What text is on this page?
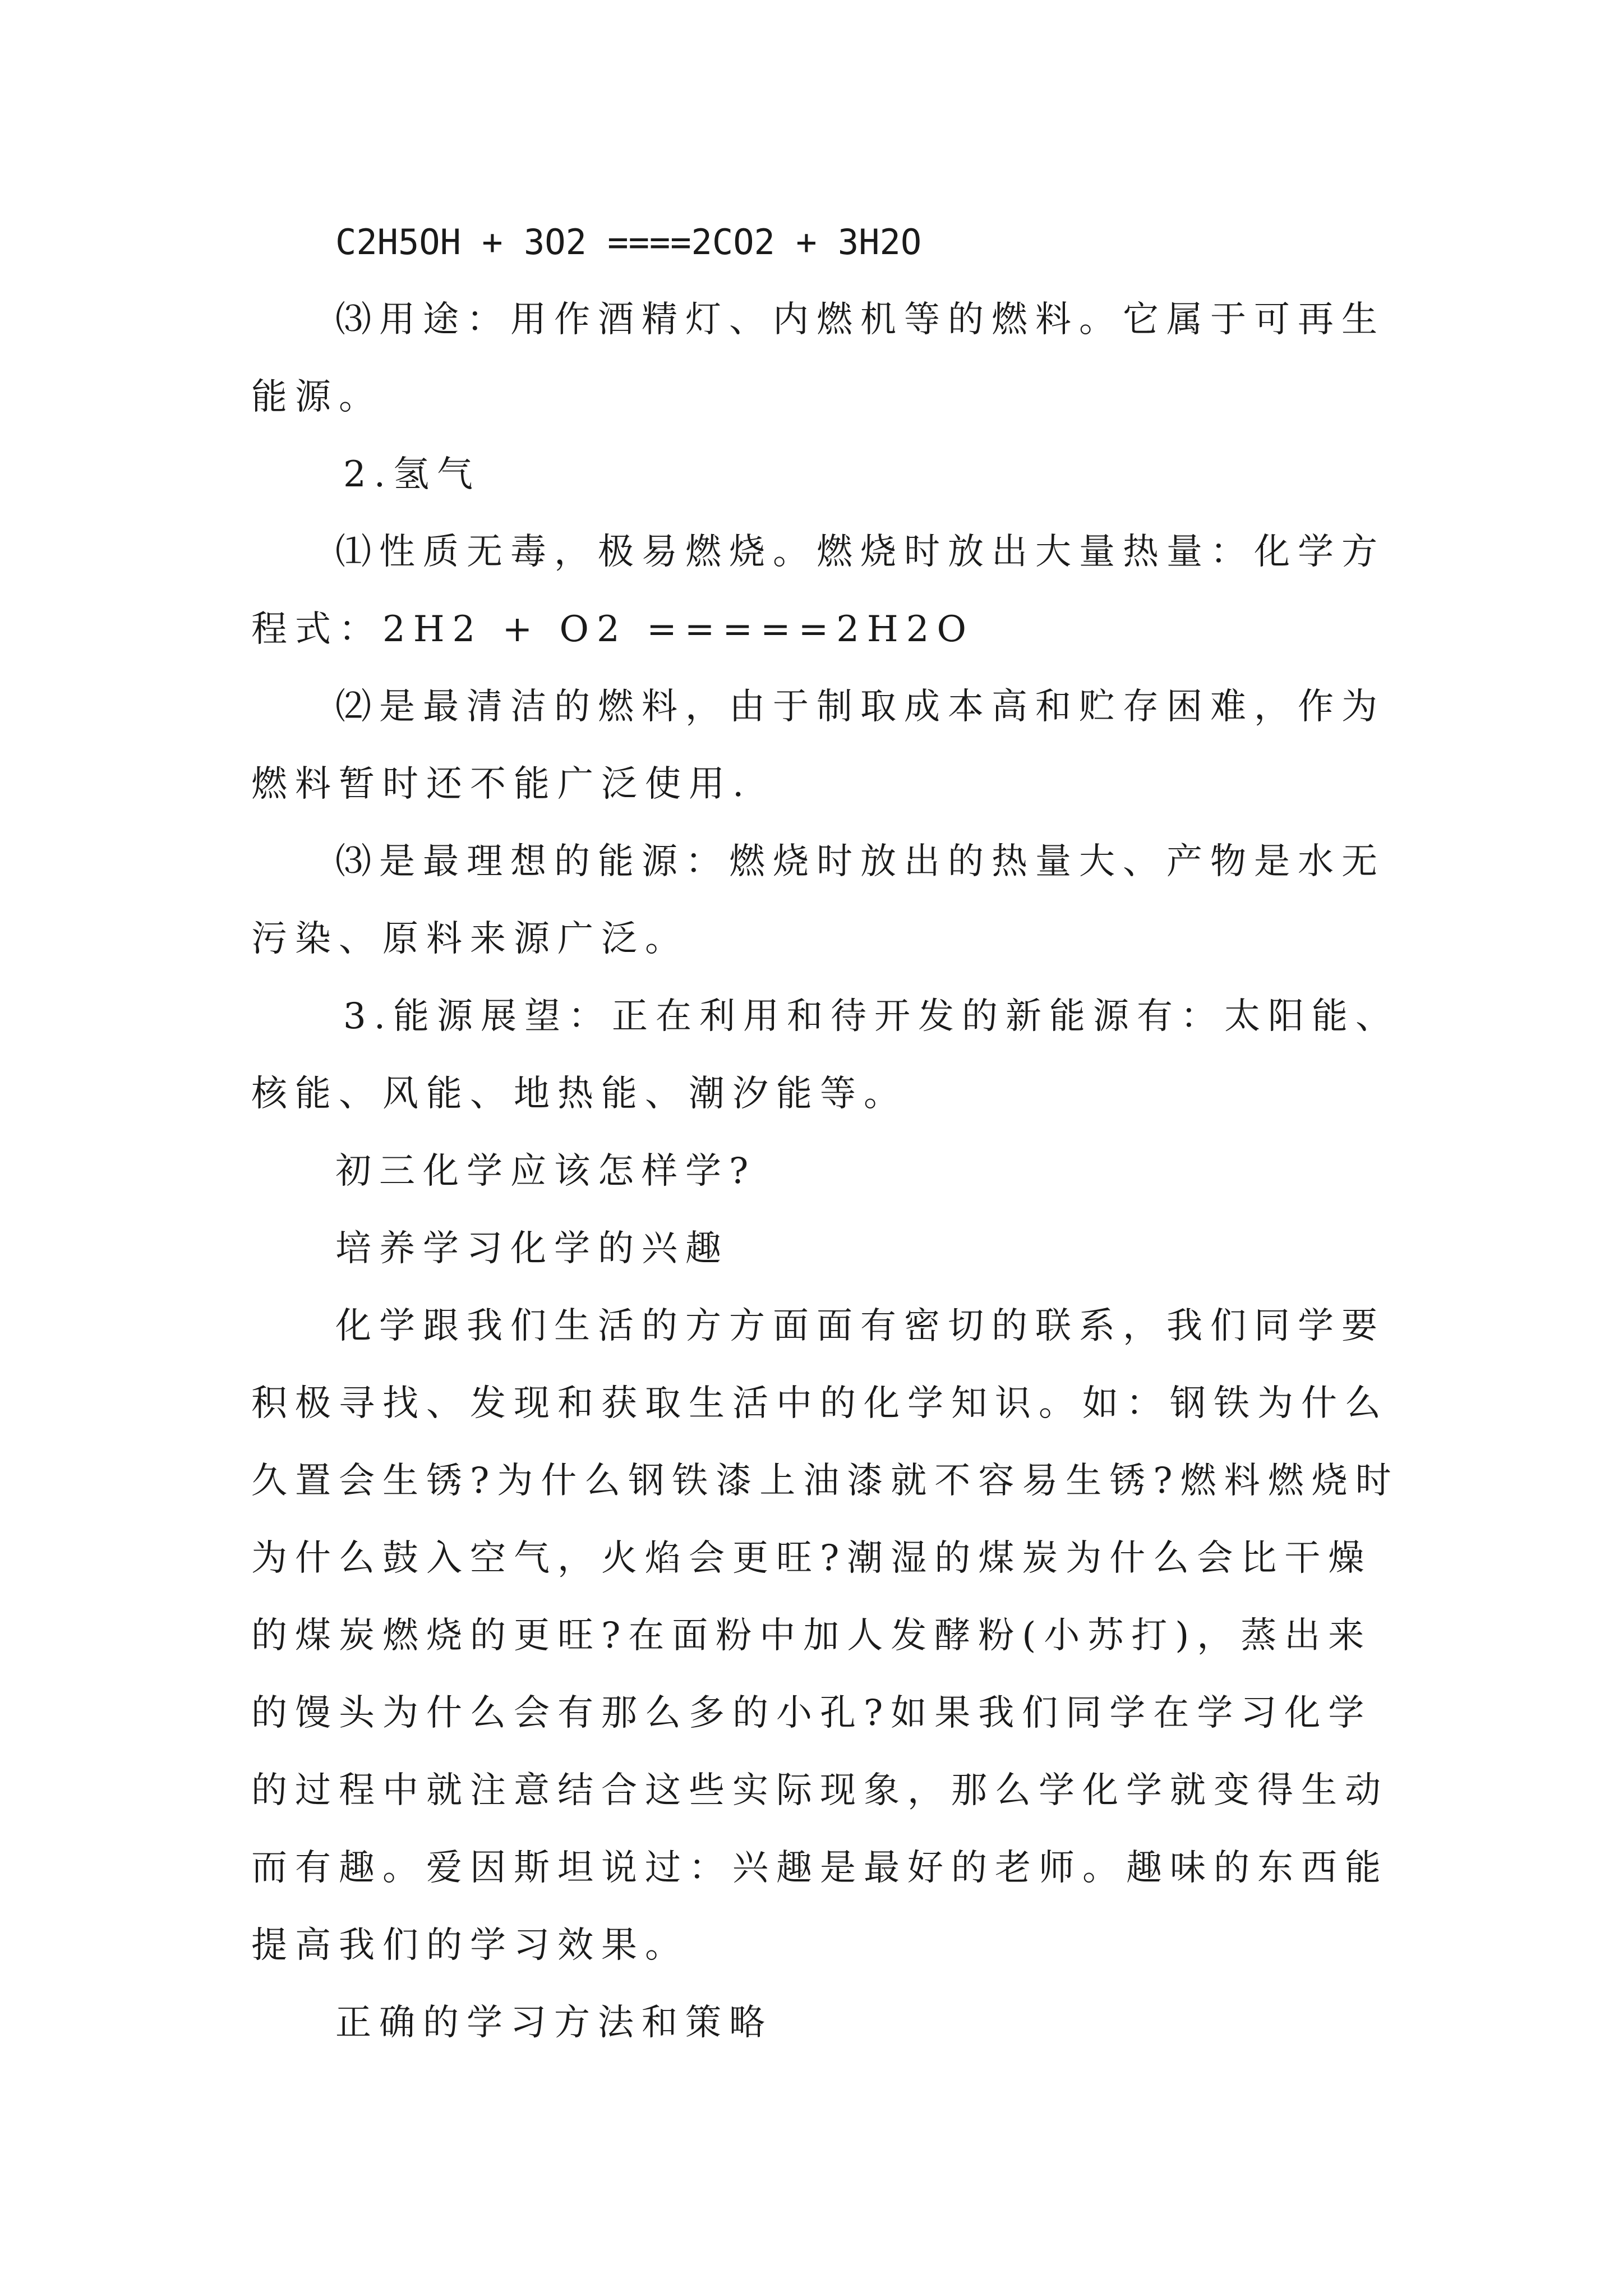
C2H5OH + 3O2 ====2CO2 + 3H2O

⑶用途：用作酒精灯、内燃机等的燃料。它属于可再生

能源。

2.氢气

⑴性质无毒，极易燃烧。燃烧时放出大量热量：化学方

程式：2H2 + O2 =====2H2O

⑵是最清洁的燃料，由于制取成本高和贮存困难，作为

燃料暂时还不能广泛使用.

⑶是最理想的能源：燃烧时放出的热量大、产物是水无

污染、原料来源广泛。

3.能源展望：正在利用和待开发的新能源有：太阳能、

核能、风能、地热能、潮汐能等。

初三化学应该怎样学?

培养学习化学的兴趣

化学跟我们生活的方方面面有密切的联系，我们同学要

积极寻找、发现和获取生活中的化学知识。如：钢铁为什么

久置会生锈?为什么钢铁漆上油漆就不容易生锈?燃料燃烧时

为什么鼓入空气，火焰会更旺?潮湿的煤炭为什么会比干燥

的煤炭燃烧的更旺?在面粉中加人发酵粉(小苏打)，蒸出来

的馒头为什么会有那么多的小孔?如果我们同学在学习化学

的过程中就注意结合这些实际现象，那么学化学就变得生动

而有趣。爱因斯坦说过：兴趣是最好的老师。趣味的东西能

提高我们的学习效果。

正确的学习方法和策略
